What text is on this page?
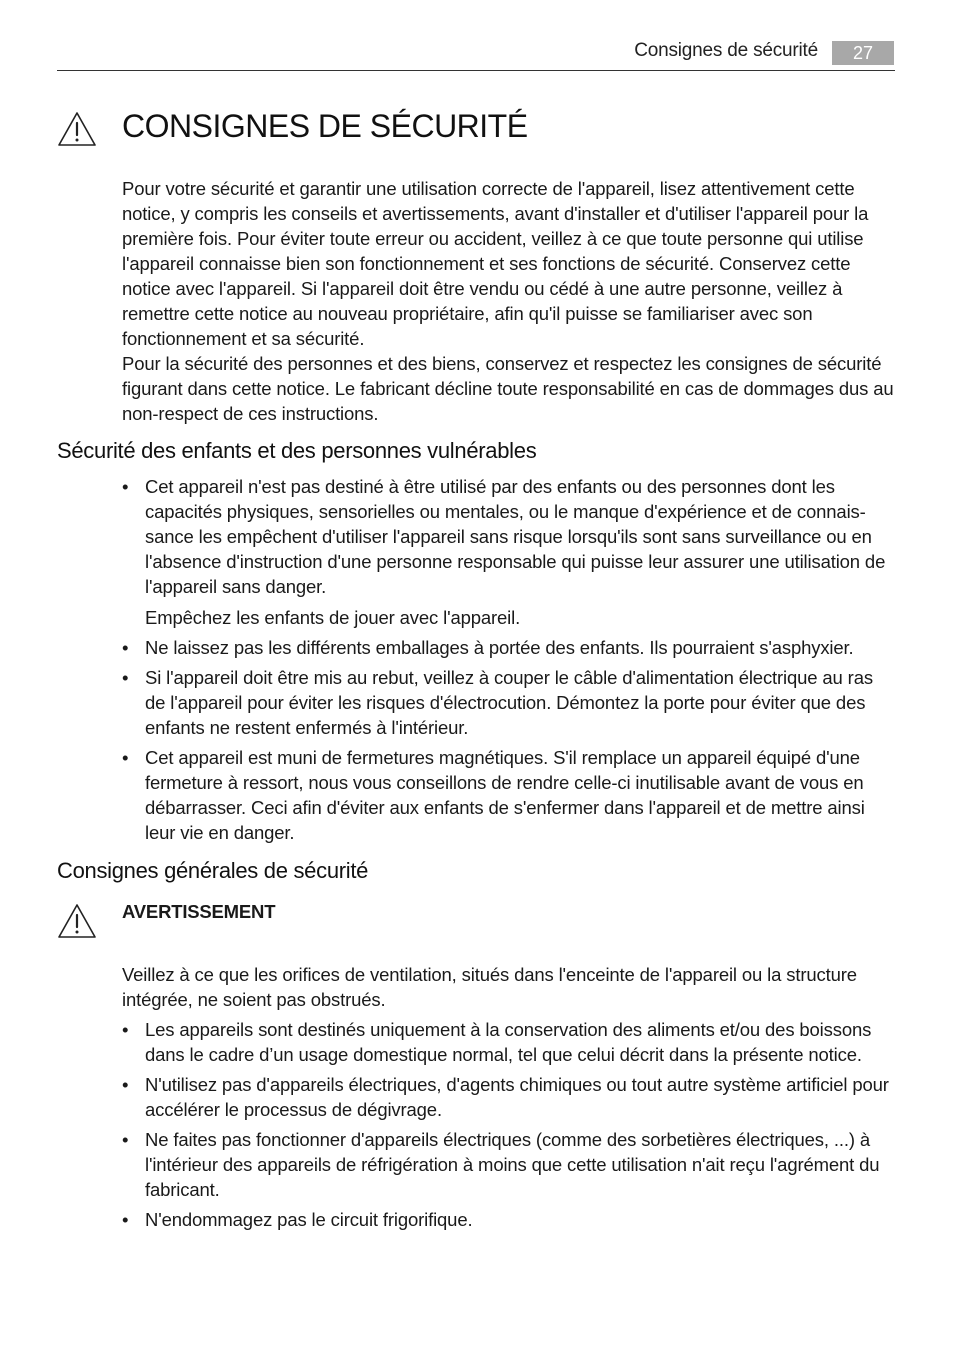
Consignes de sécurité	27
CONSIGNES DE SÉCURITÉ

Pour votre sécurité et garantir une utilisation correcte de l'appareil, lisez attentivement cette notice, y compris les conseils et avertissements, avant d'installer et d'utiliser l'appareil pour la première fois. Pour éviter toute erreur ou accident, veillez à ce que toute personne qui utilise l'appareil connaisse bien son fonctionnement et ses fonctions de sécurité. Conservez cette notice avec l'appareil. Si l'appareil doit être vendu ou cédé à une autre personne, veillez à remettre cette notice au nouveau propriétaire, afin qu'il puisse se familiariser avec son fonctionnement et sa sécurité.

Pour la sécurité des personnes et des biens, conservez et respectez les consignes de sécurité figurant dans cette notice. Le fabricant décline toute responsabilité en cas de dommages dus au non-respect de ces instructions.

Sécurité des enfants et des personnes vulnérables
• Cet appareil n'est pas destiné à être utilisé par des enfants ou des personnes dont les capacités physiques, sensorielles ou mentales, ou le manque d'expérience et de connaissance les empêchent d'utiliser l'appareil sans risque lorsqu'ils sont sans surveillance ou en l'absence d'instruction d'une personne responsable qui puisse leur assurer une utilisation de l'appareil sans danger.

Empêchez les enfants de jouer avec l'appareil.

• Ne laissez pas les différents emballages à portée des enfants. Ils pourraient s'asphyxier.
• Si l'appareil doit être mis au rebut, veillez à couper le câble d'alimentation électrique au ras de l'appareil pour éviter les risques d'électrocution. Démontez la porte pour éviter que des enfants ne restent enfermés à l'intérieur.
• Cet appareil est muni de fermetures magnétiques. S'il remplace un appareil équipé d'une fermeture à ressort, nous vous conseillons de rendre celle-ci inutilisable avant de vous en débarrasser. Ceci afin d'éviter aux enfants de s'enfermer dans l'appareil et de mettre ainsi leur vie en danger.
Consignes générales de sécurité
AVERTISSEMENT

Veillez à ce que les orifices de ventilation, situés dans l'enceinte de l'appareil ou la structure intégrée, ne soient pas obstrués.

• Les appareils sont destinés uniquement à la conservation des aliments et/ou des boissons dans le cadre d’un usage domestique normal, tel que celui décrit dans la présente notice.
• N'utilisez pas d'appareils électriques, d'agents chimiques ou tout autre système artificiel pour accélérer le processus de dégivrage.
• Ne faites pas fonctionner d'appareils électriques (comme des sorbetières électriques, ...) à l'intérieur des appareils de réfrigération à moins que cette utilisation n'ait reçu l'agrément du fabricant.
• N'endommagez pas le circuit frigorifique.
